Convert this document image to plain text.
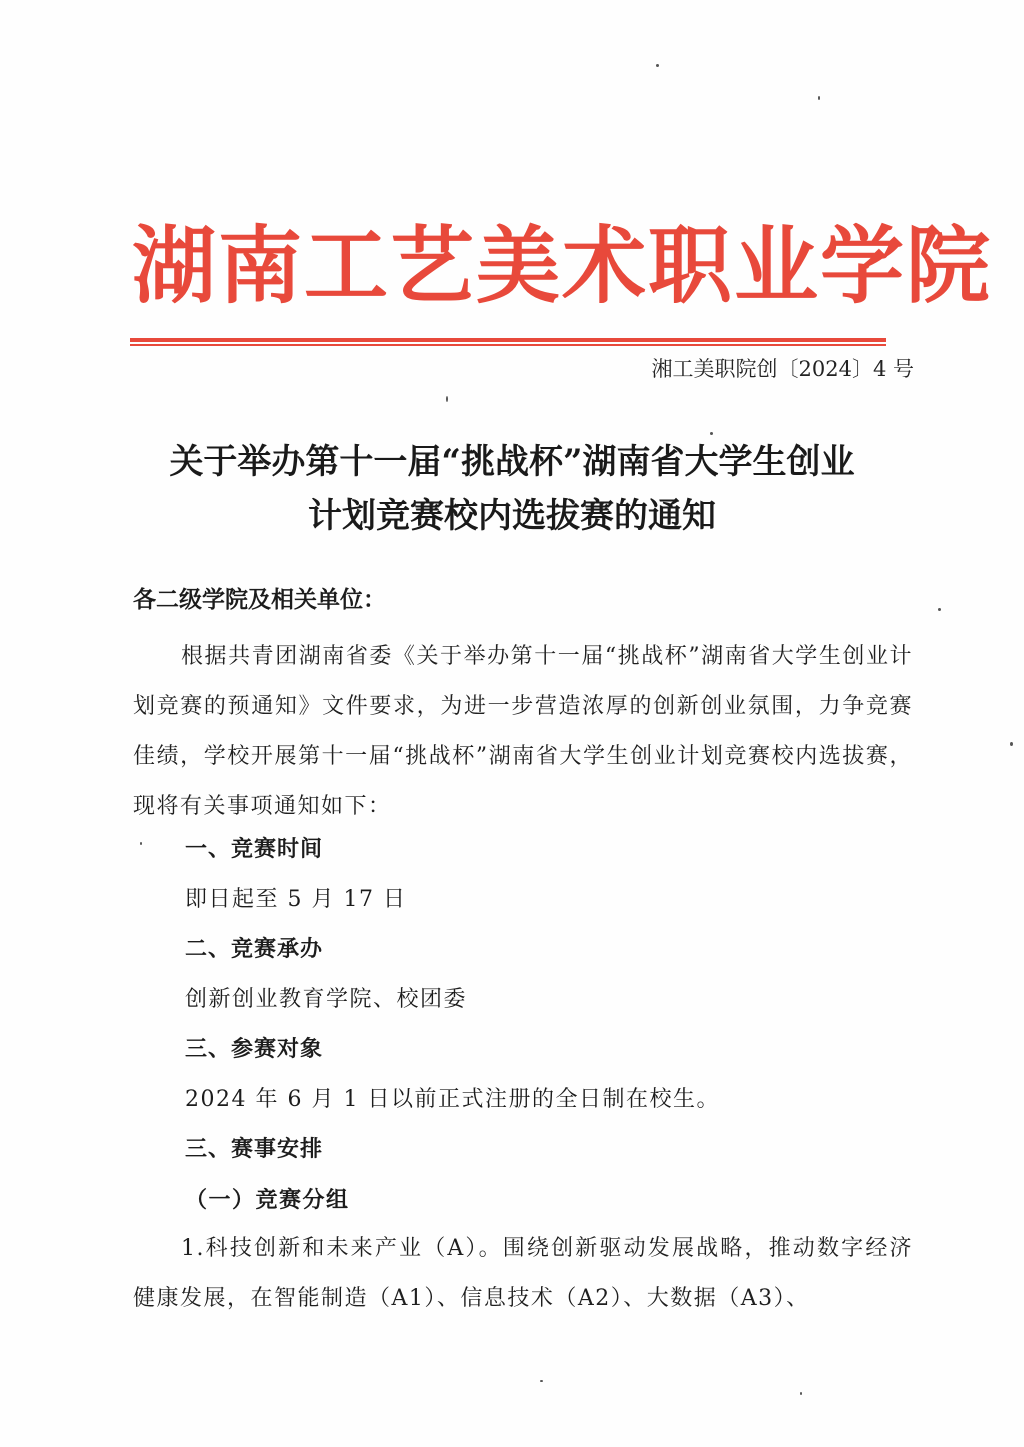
湖南工艺美术职业学院
湘工美职院创〔2024〕4 号
关于举办第十一届“挑战杯”湖南省大学生创业
计划竞赛校内选拔赛的通知
各二级学院及相关单位：
根据共青团湖南省委《关于举办第十一届“挑战杯”湖南省大学生创业计划竞赛的预通知》文件要求，为进一步营造浓厚的创新创业氛围，力争竞赛佳绩，学校开展第十一届“挑战杯”湖南省大学生创业计划竞赛校内选拔赛，现将有关事项通知如下：
一、竞赛时间
即日起至 5 月 17 日
二、竞赛承办
创新创业教育学院、校团委
三、参赛对象
2024 年 6 月 1 日以前正式注册的全日制在校生。
三、赛事安排
（一）竞赛分组
1.科技创新和未来产业（A）。围绕创新驱动发展战略，推动数字经济健康发展，在智能制造（A1）、信息技术（A2）、大数据（A3）、
